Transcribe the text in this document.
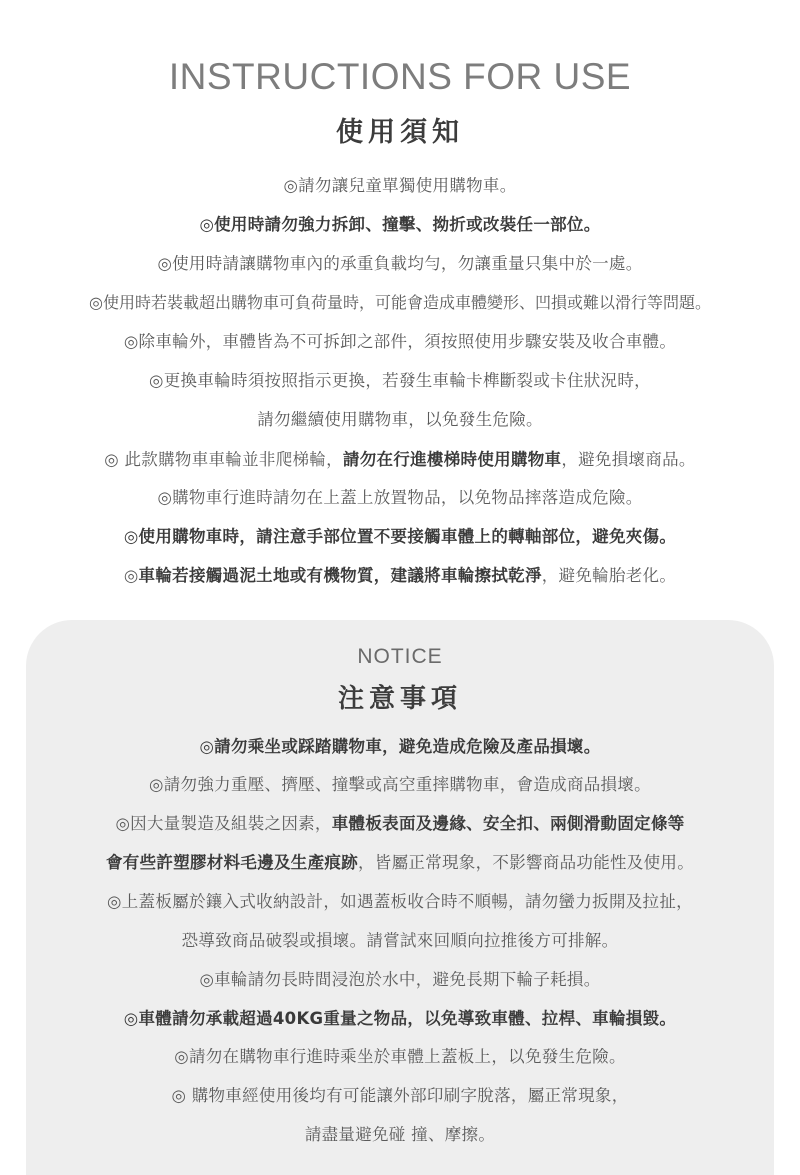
INSTRUCTIONS FOR USE
使用須知
◎請勿讓兒童單獨使用購物車。
◎使用時請勿強力拆卸、撞擊、拗折或改裝任一部位。
◎使用時請讓購物車內的承重負載均勻，勿讓重量只集中於一處。
◎使用時若裝載超出購物車可負荷量時，可能會造成車體變形、凹損或難以滑行等問題。
◎除車輪外，車體皆為不可拆卸之部件，須按照使用步驟安裝及收合車體。
◎更換車輪時須按照指示更換，若發生車輪卡榫斷裂或卡住狀況時，
請勿繼續使用購物車，以免發生危險。
◎ 此款購物車車輪並非爬梯輪，請勿在行進樓梯時使用購物車，避免損壞商品。
◎購物車行進時請勿在上蓋上放置物品，以免物品摔落造成危險。
◎使用購物車時，請注意手部位置不要接觸車體上的轉軸部位，避免夾傷。
◎車輪若接觸過泥土地或有機物質，建議將車輪擦拭乾淨，避免輪胎老化。
NOTICE
注意事項
◎請勿乘坐或踩踏購物車，避免造成危險及產品損壞。
◎請勿強力重壓、擠壓、撞擊或高空重摔購物車，會造成商品損壞。
◎因大量製造及組裝之因素，車體板表面及邊緣、安全扣、兩側滑動固定條等
會有些許塑膠材料毛邊及生產痕跡，皆屬正常現象，不影響商品功能性及使用。
◎上蓋板屬於鑲入式收納設計，如遇蓋板收合時不順暢，請勿蠻力扳開及拉扯，
恐導致商品破裂或損壞。請嘗試來回順向拉推後方可排解。
◎車輪請勿長時間浸泡於水中，避免長期下輪子耗損。
◎車體請勿承載超過40KG重量之物品，以免導致車體、拉桿、車輪損毀。
◎請勿在購物車行進時乘坐於車體上蓋板上，以免發生危險。
◎ 購物車經使用後均有可能讓外部印刷字脫落，屬正常現象，
請盡量避免碰 撞、摩擦。
